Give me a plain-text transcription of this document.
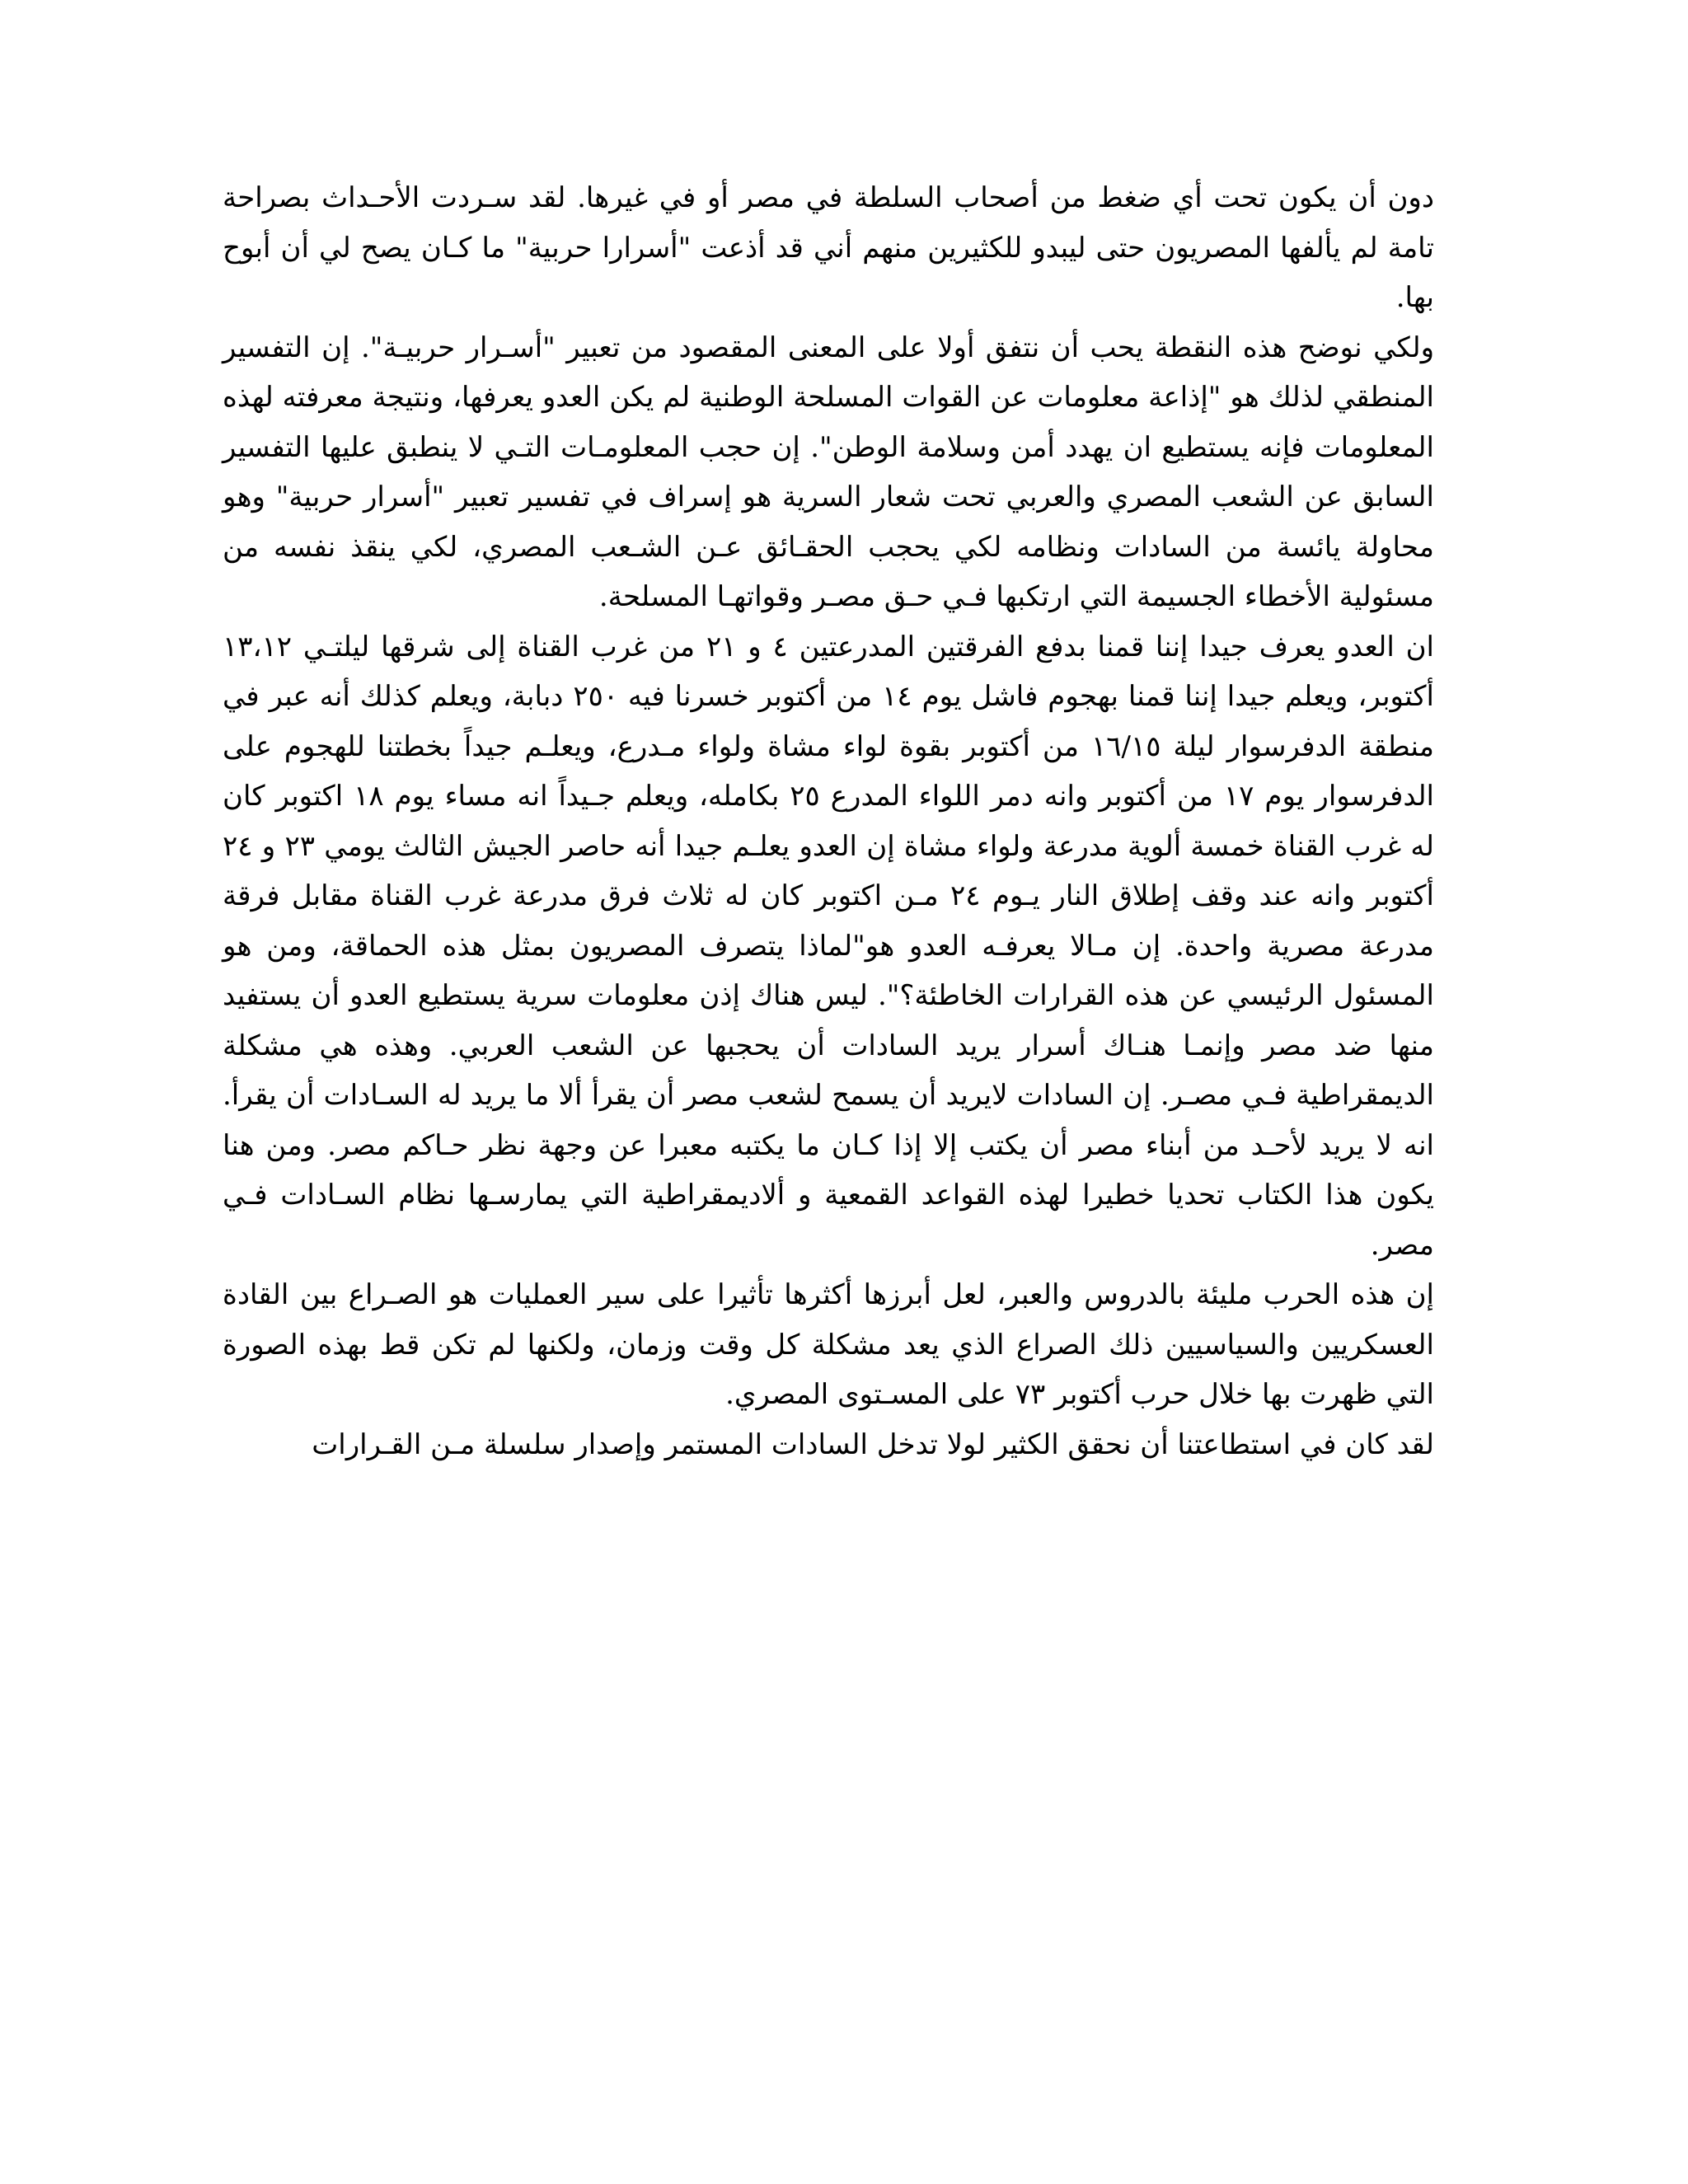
دون أن يكون تحت أي ضغط من أصحاب السلطة في مصر أو في غيرها. لقد سـردت الأحـداث بصراحة تامة لم يألفها المصريون حتى ليبدو للكثيرين منهم أني قد أذعت "أسرارا حربية" ما كـان يصح لي أن أبوح بها.

ولكي نوضح هذه النقطة يحب أن نتفق أولا على المعنى المقصود من تعبير "أسـرار حربيـة". إن التفسير المنطقي لذلك هو "إذاعة معلومات عن القوات المسلحة الوطنية لم يكن العدو يعرفها، ونتيجة معرفته لهذه المعلومات فإنه يستطيع ان يهدد أمن وسلامة الوطن". إن حجب المعلومـات التـي لا ينطبق عليها التفسير السابق عن الشعب المصري والعربي تحت شعار السرية هو إسراف في تفسير تعبير "أسرار حربية" وهو محاولة يائسة من السادات ونظامه لكي يحجب الحقـائق عـن الشـعب المصري، لكي ينقذ نفسه من مسئولية الأخطاء الجسيمة التي ارتكبها فـي حـق مصـر وقواتهـا المسلحة.

ان العدو يعرف جيدا إننا قمنا بدفع الفرقتين المدرعتين ٤ و ٢١ من غرب القناة إلى شرقها ليلتـي ١٣،١٢ أكتوبر، ويعلم جيدا إننا قمنا بهجوم فاشل يوم ١٤ من أكتوبر خسرنا فيه ٢٥٠ دبابة، ويعلم كذلك أنه عبر في منطقة الدفرسوار ليلة ١٦/١٥ من أكتوبر بقوة لواء مشاة ولواء مـدرع، ويعلـم جيداً بخطتنا للهجوم على الدفرسوار يوم ١٧ من أكتوبر وانه دمر اللواء المدرع ٢٥ بكامله، ويعلم جـيداً انه مساء يوم ١٨ اكتوبر كان له غرب القناة خمسة ألوية مدرعة ولواء مشاة إن العدو يعلـم جيدا أنه حاصر الجيش الثالث يومي ٢٣ و ٢٤ أكتوبر وانه عند وقف إطلاق النار يـوم ٢٤ مـن اكتوبر كان له ثلاث فرق مدرعة غرب القناة مقابل فرقة مدرعة مصرية واحدة. إن مـالا يعرفـه العدو هو"لماذا يتصرف المصريون بمثل هذه الحماقة، ومن هو المسئول الرئيسي عن هذه القرارات الخاطئة؟". ليس هناك إذن معلومات سرية يستطيع العدو أن يستفيد منها ضد مصر وإنمـا هنـاك أسرار يريد السادات أن يحجبها عن الشعب العربي. وهذه هي مشكلة الديمقراطية فـي مصـر. إن السادات لايريد أن يسمح لشعب مصر أن يقرأ ألا ما يريد له السـادات أن يقرأ. انه لا يريد لأحـد من أبناء مصر أن يكتب إلا إذا كـان ما يكتبه معبرا عن وجهة نظر حـاكم مصر. ومن هنا يكون هذا الكتاب تحديا خطيرا لهذه القواعد القمعية و ألاديمقراطية التي يمارسـها نظام السـادات فـي مصر.

إن هذه الحرب مليئة بالدروس والعبر، لعل أبرزها أكثرها تأثيرا على سير العمليات هو الصـراع بين القادة العسكريين والسياسيين ذلك الصراع الذي يعد مشكلة كل وقت وزمان، ولكنها لم تكن قط بهذه الصورة التي ظهرت بها خلال حرب أكتوبر ٧٣ على المسـتوى المصري.

لقد كان في استطاعتنا أن نحقق الكثير لولا تدخل السادات المستمر وإصدار سلسلة مـن القـرارات
